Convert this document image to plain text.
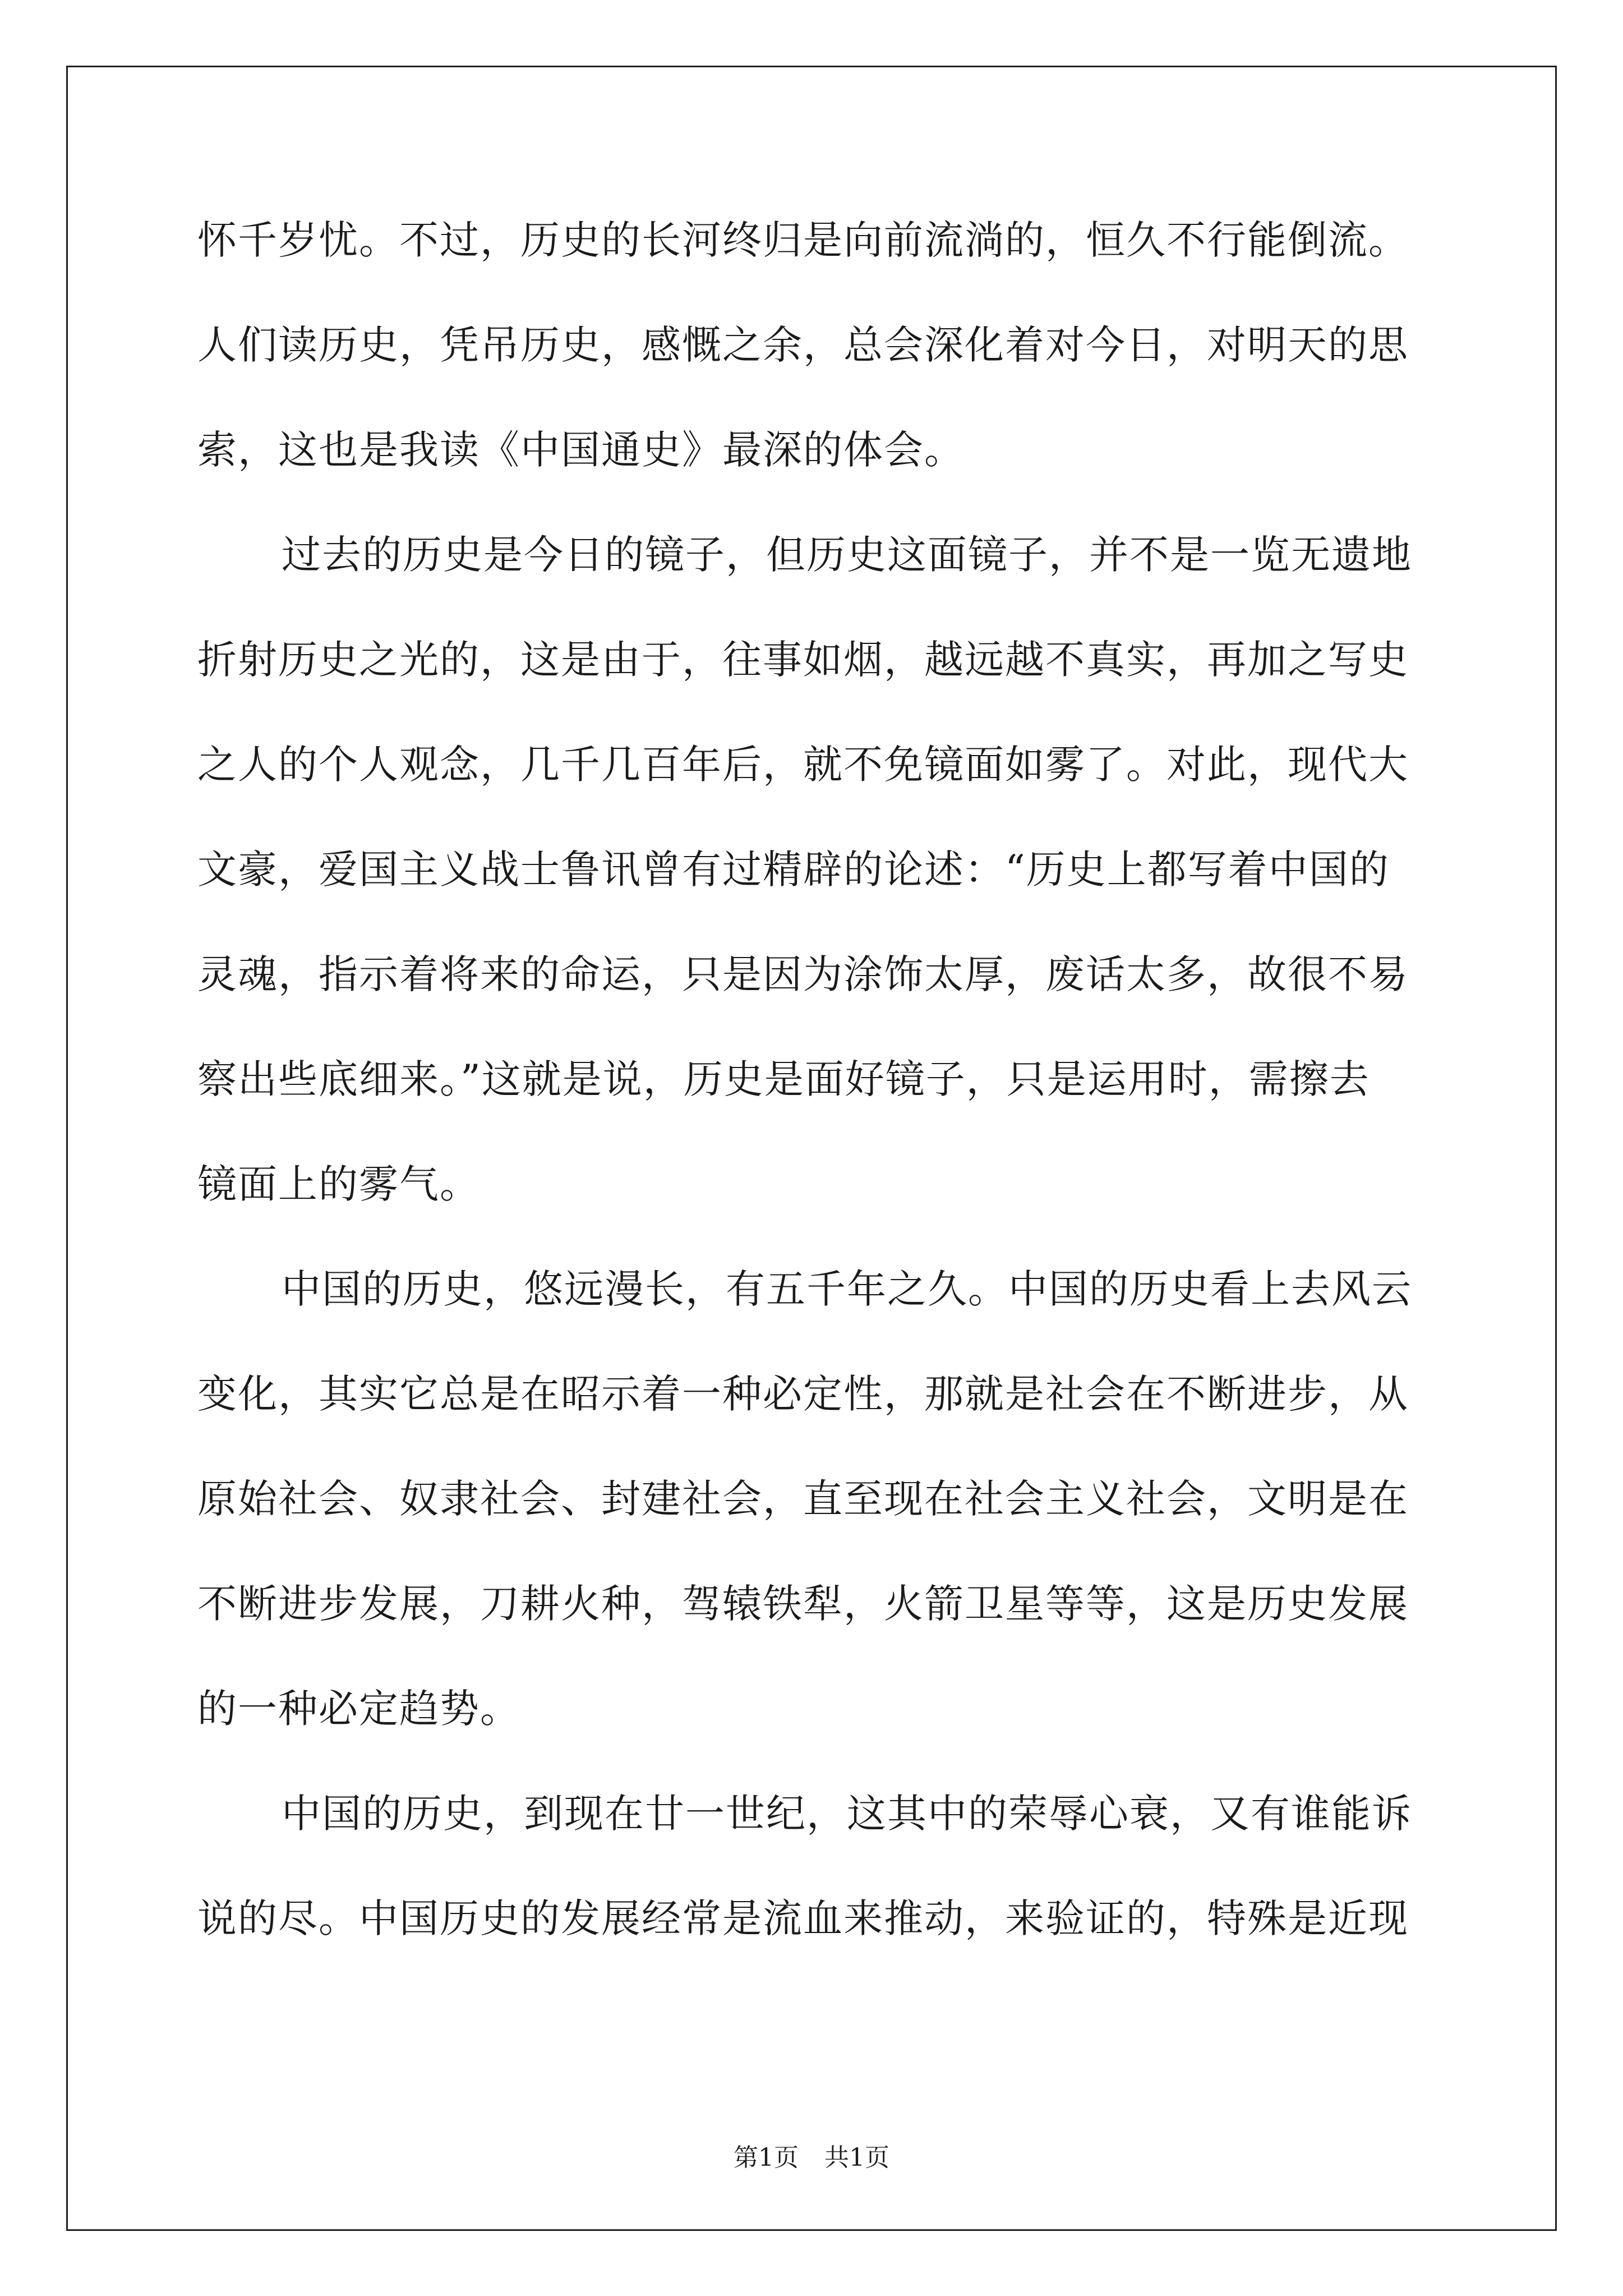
怀千岁忧。不过，历史的长河终归是向前流淌的，恒久不行能倒流。
人们读历史，凭吊历史，感慨之余，总会深化着对今日，对明天的思
索，这也是我读《中国通史》最深的体会。
过去的历史是今日的镜子，但历史这面镜子，并不是一览无遗地
折射历史之光的，这是由于，往事如烟，越远越不真实，再加之写史
之人的个人观念，几千几百年后，就不免镜面如雾了。对此，现代大
文豪，爱国主义战士鲁讯曾有过精辟的论述：“历史上都写着中国的
灵魂，指示着将来的命运，只是因为涂饰太厚，废话太多，故很不易
察出些底细来。”这就是说，历史是面好镜子，只是运用时，需擦去
镜面上的雾气。
中国的历史，悠远漫长，有五千年之久。中国的历史看上去风云
变化，其实它总是在昭示着一种必定性，那就是社会在不断进步，从
原始社会、奴隶社会、封建社会，直至现在社会主义社会，文明是在
不断进步发展，刀耕火种，驾辕铁犁，火箭卫星等等，这是历史发展
的一种必定趋势。
中国的历史，到现在廿一世纪，这其中的荣辱心衰，又有谁能诉
说的尽。中国历史的发展经常是流血来推动，来验证的，特殊是近现
第1页 共1页
